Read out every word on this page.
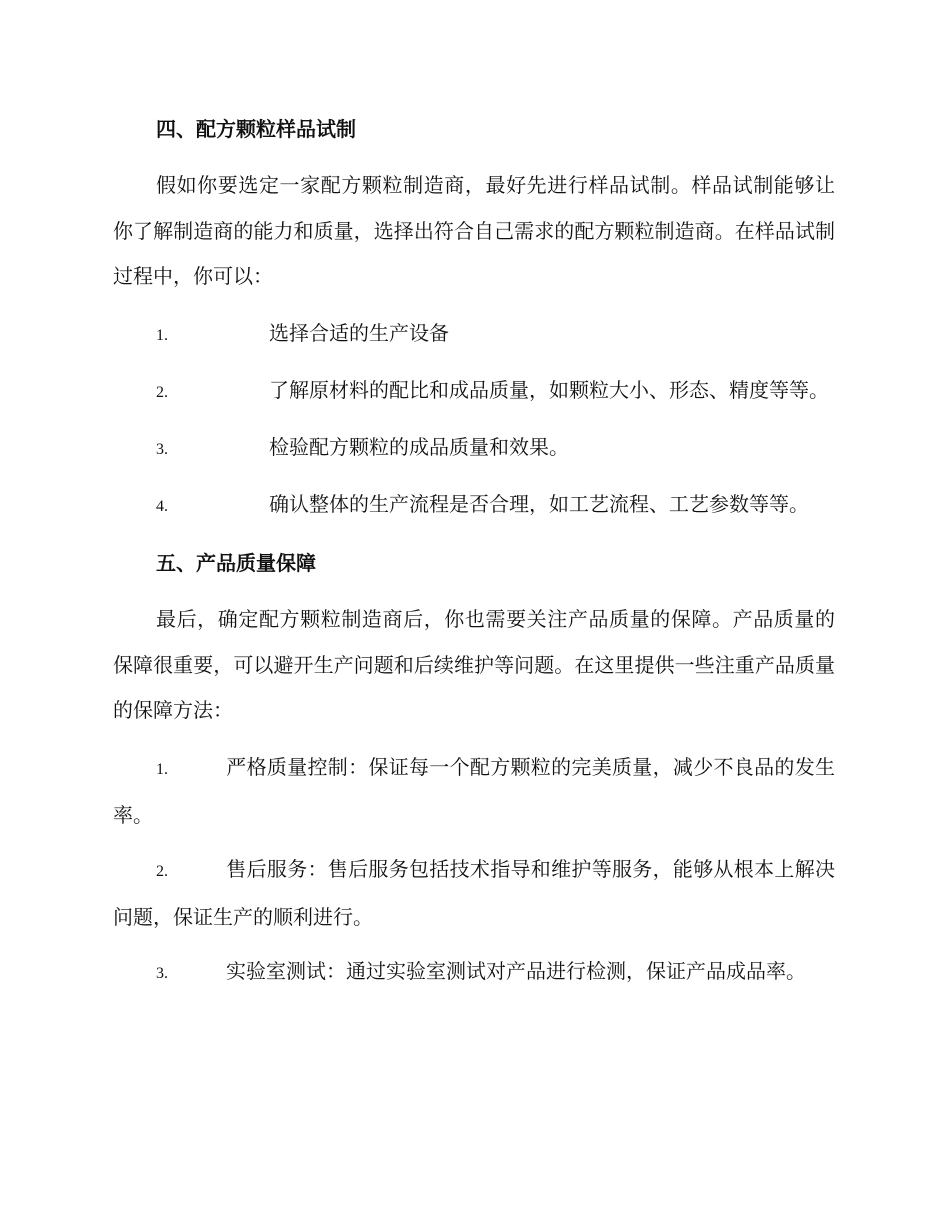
四、配方颗粒样品试制

假如你要选定一家配方颗粒制造商，最好先进行样品试制。样品试制能够让你了解制造商的能力和质量，选择出符合自己需求的配方颗粒制造商。在样品试制过程中，你可以：

1.	选择合适的生产设备

2.	了解原材料的配比和成品质量，如颗粒大小、形态、精度等等。

3.	检验配方颗粒的成品质量和效果。

4.	确认整体的生产流程是否合理，如工艺流程、工艺参数等等。

五、产品质量保障

最后，确定配方颗粒制造商后，你也需要关注产品质量的保障。产品质量的保障很重要，可以避开生产问题和后续维护等问题。在这里提供一些注重产品质量的保障方法：

1.	严格质量控制：保证每一个配方颗粒的完美质量，减少不良品的发生率。

2.	售后服务：售后服务包括技术指导和维护等服务，能够从根本上解决问题，保证生产的顺利进行。

3.	实验室测试：通过实验室测试对产品进行检测，保证产品成品率。
